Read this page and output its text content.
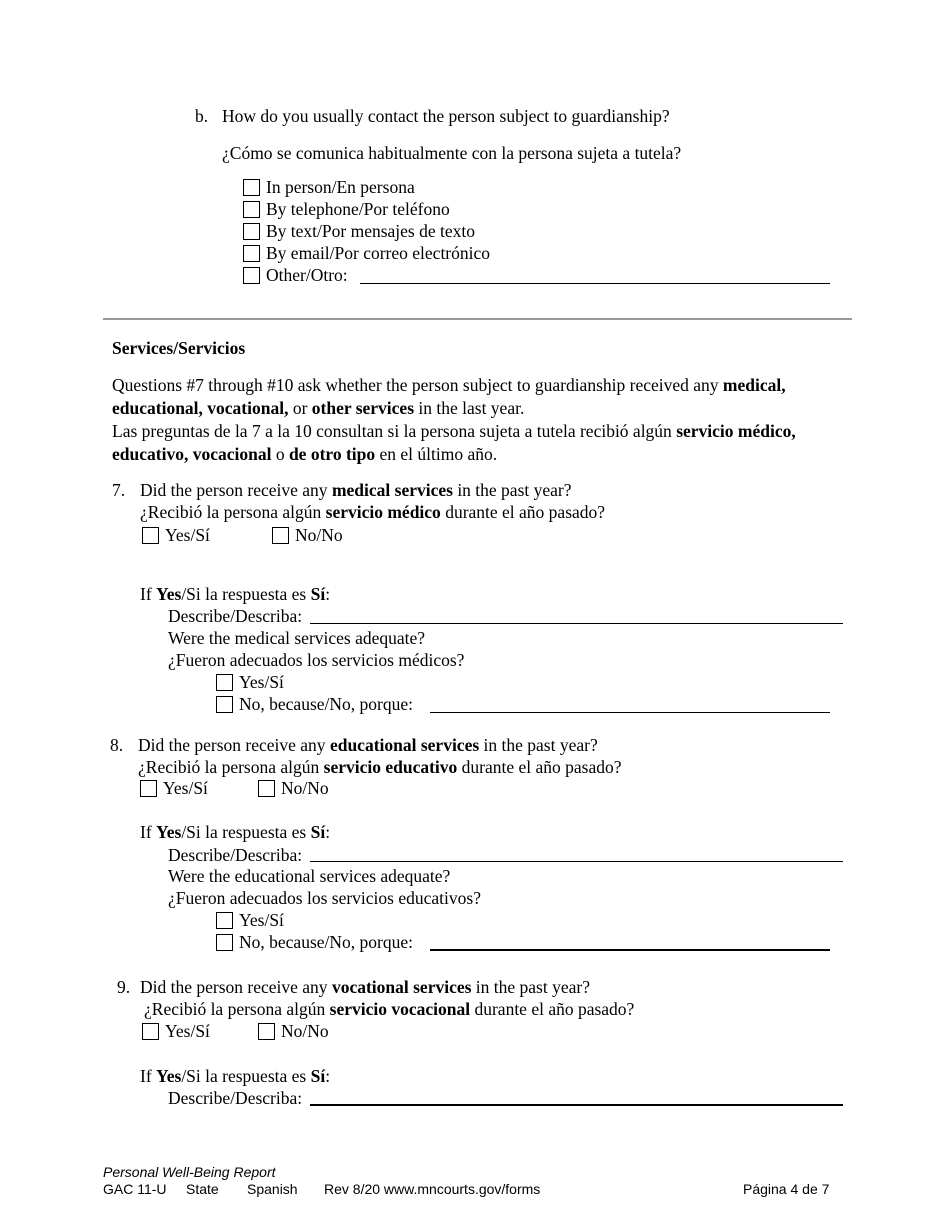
b. How do you usually contact the person subject to guardianship?
¿Cómo se comunica habitualmente con la persona sujeta a tutela?
In person/En persona
By telephone/Por teléfono
By text/Por mensajes de texto
By email/Por correo electrónico
Other/Otro:
Services/Servicios
Questions #7 through #10 ask whether the person subject to guardianship received any medical,
educational, vocational, or other services in the last year.
Las preguntas de la 7 a la 10 consultan si la persona sujeta a tutela recibió algún servicio médico,
educativo, vocacional o de otro tipo en el último año.
7. Did the person receive any medical services in the past year?
¿Recibió la persona algún servicio médico durante el año pasado?
Yes/Sí	No/No
If Yes/Si la respuesta es Sí:
Describe/Describa:
Were the medical services adequate?
¿Fueron adecuados los servicios médicos?
Yes/Sí
No, because/No, porque:
8. Did the person receive any educational services in the past year?
¿Recibió la persona algún servicio educativo durante el año pasado?
Yes/Sí	No/No
If Yes/Si la respuesta es Sí:
Describe/Describa:
Were the educational services adequate?
¿Fueron adecuados los servicios educativos?
Yes/Sí
No, because/No, porque:
9. Did the person receive any vocational services in the past year?
¿Recibió la persona algún servicio vocacional durante el año pasado?
Yes/Sí	No/No
If Yes/Si la respuesta es Sí:
Describe/Describa:
Personal Well-Being Report
GAC 11-U State Spanish Rev 8/20 www.mncourts.gov/forms	Página 4 de 7
